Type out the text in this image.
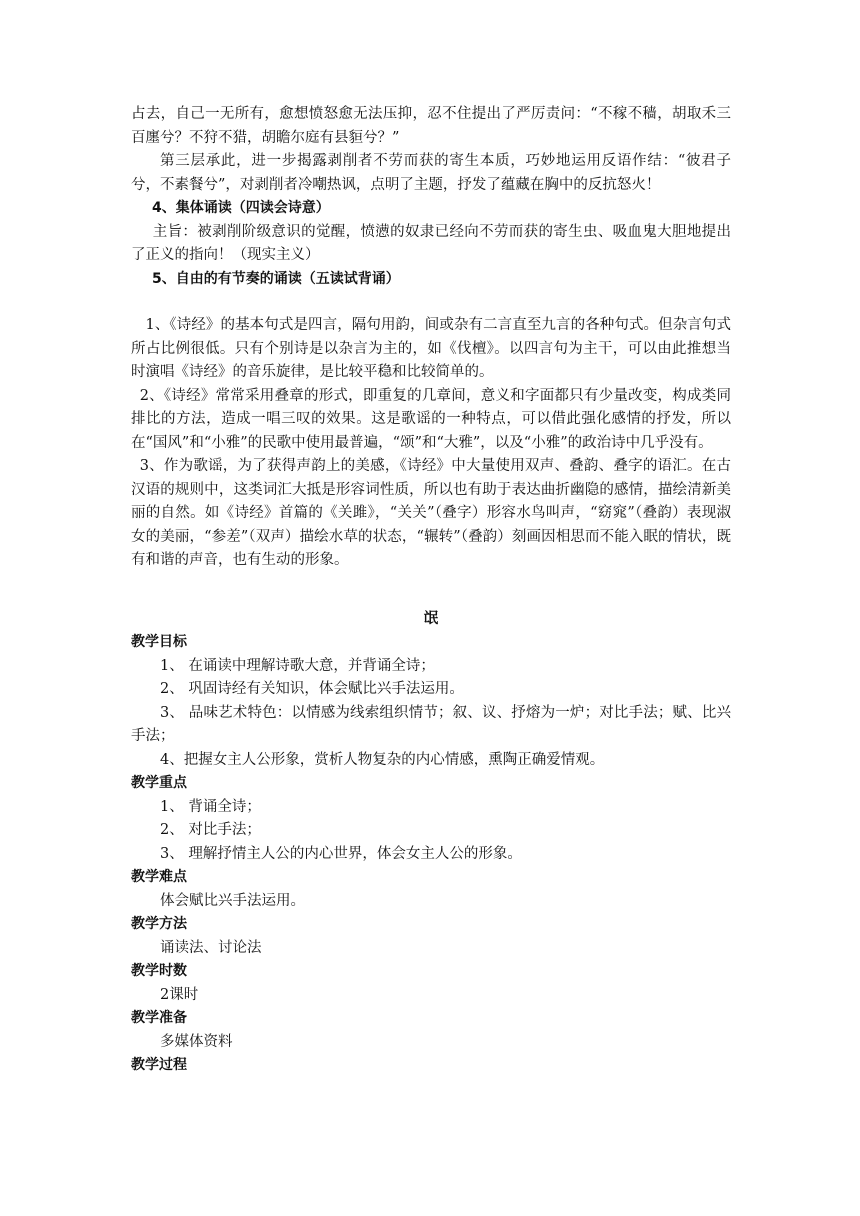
占去，自己一无所有，愈想愤怒愈无法压抑，忍不住提出了严厉责问：“不稼不穑，胡取禾三百廛兮？不狩不猎，胡瞻尔庭有县貆兮？”

第三层承此，进一步揭露剥削者不劳而获的寄生本质，巧妙地运用反语作结：“彼君子兮，不素餐兮”，对剥削者冷嘲热讽，点明了主题，抒发了蕴藏在胸中的反抗怒火！

4、集体诵读（四读会诗意）

主旨：被剥削阶级意识的觉醒，愤懑的奴隶已经向不劳而获的寄生虫、吸血鬼大胆地提出了正义的指向！（现实主义）

5、自由的有节奏的诵读（五读试背诵）

1、《诗经》的基本句式是四言，隔句用韵，间或杂有二言直至九言的各种句式。但杂言句式所占比例很低。只有个别诗是以杂言为主的，如《伐檀》。以四言句为主干，可以由此推想当时演唱《诗经》的音乐旋律，是比较平稳和比较简单的。

2、《诗经》常常采用叠章的形式，即重复的几章间，意义和字面都只有少量改变，构成类同排比的方法，造成一唱三叹的效果。这是歌谣的一种特点，可以借此强化感情的抒发，所以在“国风”和“小雅”的民歌中使用最普遍，“颂”和“大雅”，以及“小雅”的政治诗中几乎没有。

3、作为歌谣，为了获得声韵上的美感，《诗经》中大量使用双声、叠韵、叠字的语汇。在古汉语的规则中，这类词汇大抵是形容词性质，所以也有助于表达曲折幽隐的感情，描绘清新美丽的自然。如《诗经》首篇的《关雎》，“关关”（叠字）形容水鸟叫声，“窈窕”（叠韵）表现淑女的美丽，“参差”（双声）描绘水草的状态，“辗转”（叠韵）刻画因相思而不能入眠的情状，既有和谐的声音，也有生动的形象。

氓

教学目标

1、 在诵读中理解诗歌大意，并背诵全诗；

2、 巩固诗经有关知识，体会赋比兴手法运用。

3、 品味艺术特色：以情感为线索组织情节；叙、议、抒熔为一炉；对比手法；赋、比兴手法；

4、把握女主人公形象，赏析人物复杂的内心情感，熏陶正确爱情观。

教学重点

1、 背诵全诗；

2、 对比手法；

3、 理解抒情主人公的内心世界，体会女主人公的形象。

教学难点

体会赋比兴手法运用。

教学方法

诵读法、讨论法

教学时数

2课时

教学准备

多媒体资料

教学过程
